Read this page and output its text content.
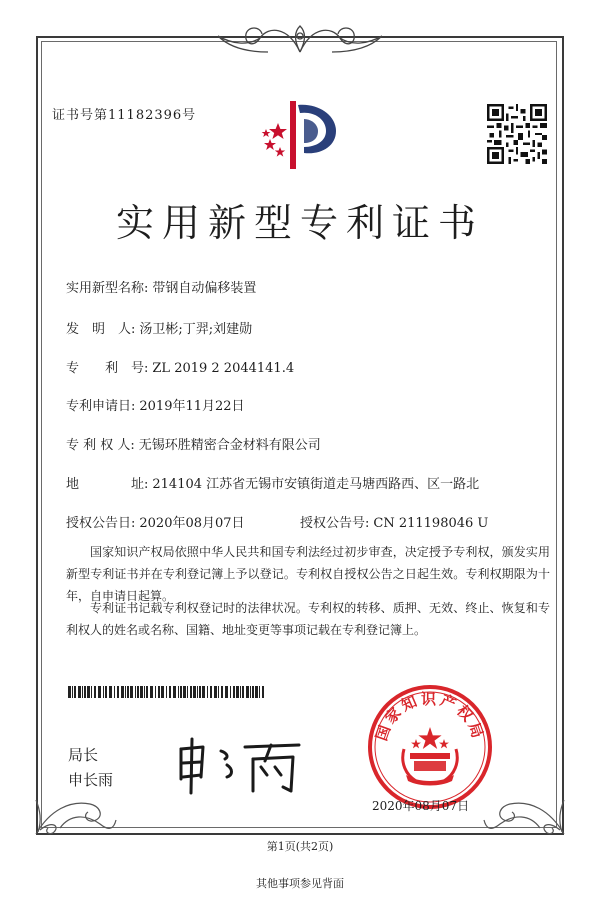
证书号第11182396号
实用新型专利证书
实用新型名称: 带钢自动偏移装置
发　明　人: 汤卫彬;丁羿;刘建勋
专　　利　号: ZL 2019 2 2044141.4
专利申请日: 2019年11月22日
专 利 权 人: 无锡环胜精密合金材料有限公司
地　　　　址: 214104 江苏省无锡市安镇街道走马塘西路西、区一路北
授权公告日: 2020年08月07日	授权公告号: CN 211198046 U
国家知识产权局依照中华人民共和国专利法经过初步审查，决定授予专利权，颁发实用新型专利证书并在专利登记簿上予以登记。专利权自授权公告之日起生效。专利权期限为十年，自申请日起算。
专利证书记载专利权登记时的法律状况。专利权的转移、质押、无效、终止、恢复和专利权人的姓名或名称、国籍、地址变更等事项记载在专利登记簿上。
局长
申长雨
国家知识产权局
2020年08月07日
第1页(共2页)
其他事项参见背面
